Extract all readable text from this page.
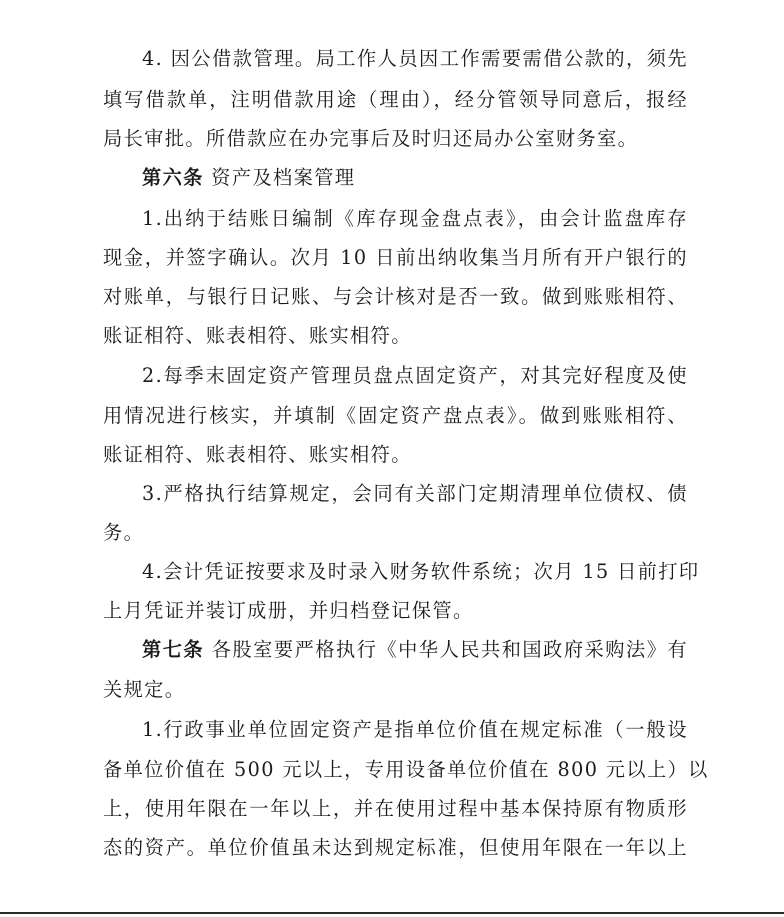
4. 因公借款管理。局工作人员因工作需要需借公款的，须先
填写借款单，注明借款用途（理由），经分管领导同意后，报经
局长审批。所借款应在办完事后及时归还局办公室财务室。
第六条 资产及档案管理
1.出纳于结账日编制《库存现金盘点表》，由会计监盘库存
现金，并签字确认。次月 10 日前出纳收集当月所有开户银行的
对账单，与银行日记账、与会计核对是否一致。做到账账相符、
账证相符、账表相符、账实相符。
2.每季末固定资产管理员盘点固定资产，对其完好程度及使
用情况进行核实，并填制《固定资产盘点表》。做到账账相符、
账证相符、账表相符、账实相符。
3.严格执行结算规定，会同有关部门定期清理单位债权、债
务。
4.会计凭证按要求及时录入财务软件系统；次月 15 日前打印
上月凭证并装订成册，并归档登记保管。
第七条 各股室要严格执行《中华人民共和国政府采购法》有
关规定。
1.行政事业单位固定资产是指单位价值在规定标准（一般设
备单位价值在 500 元以上，专用设备单位价值在 800 元以上）以
上，使用年限在一年以上，并在使用过程中基本保持原有物质形
态的资产。单位价值虽未达到规定标准，但使用年限在一年以上
